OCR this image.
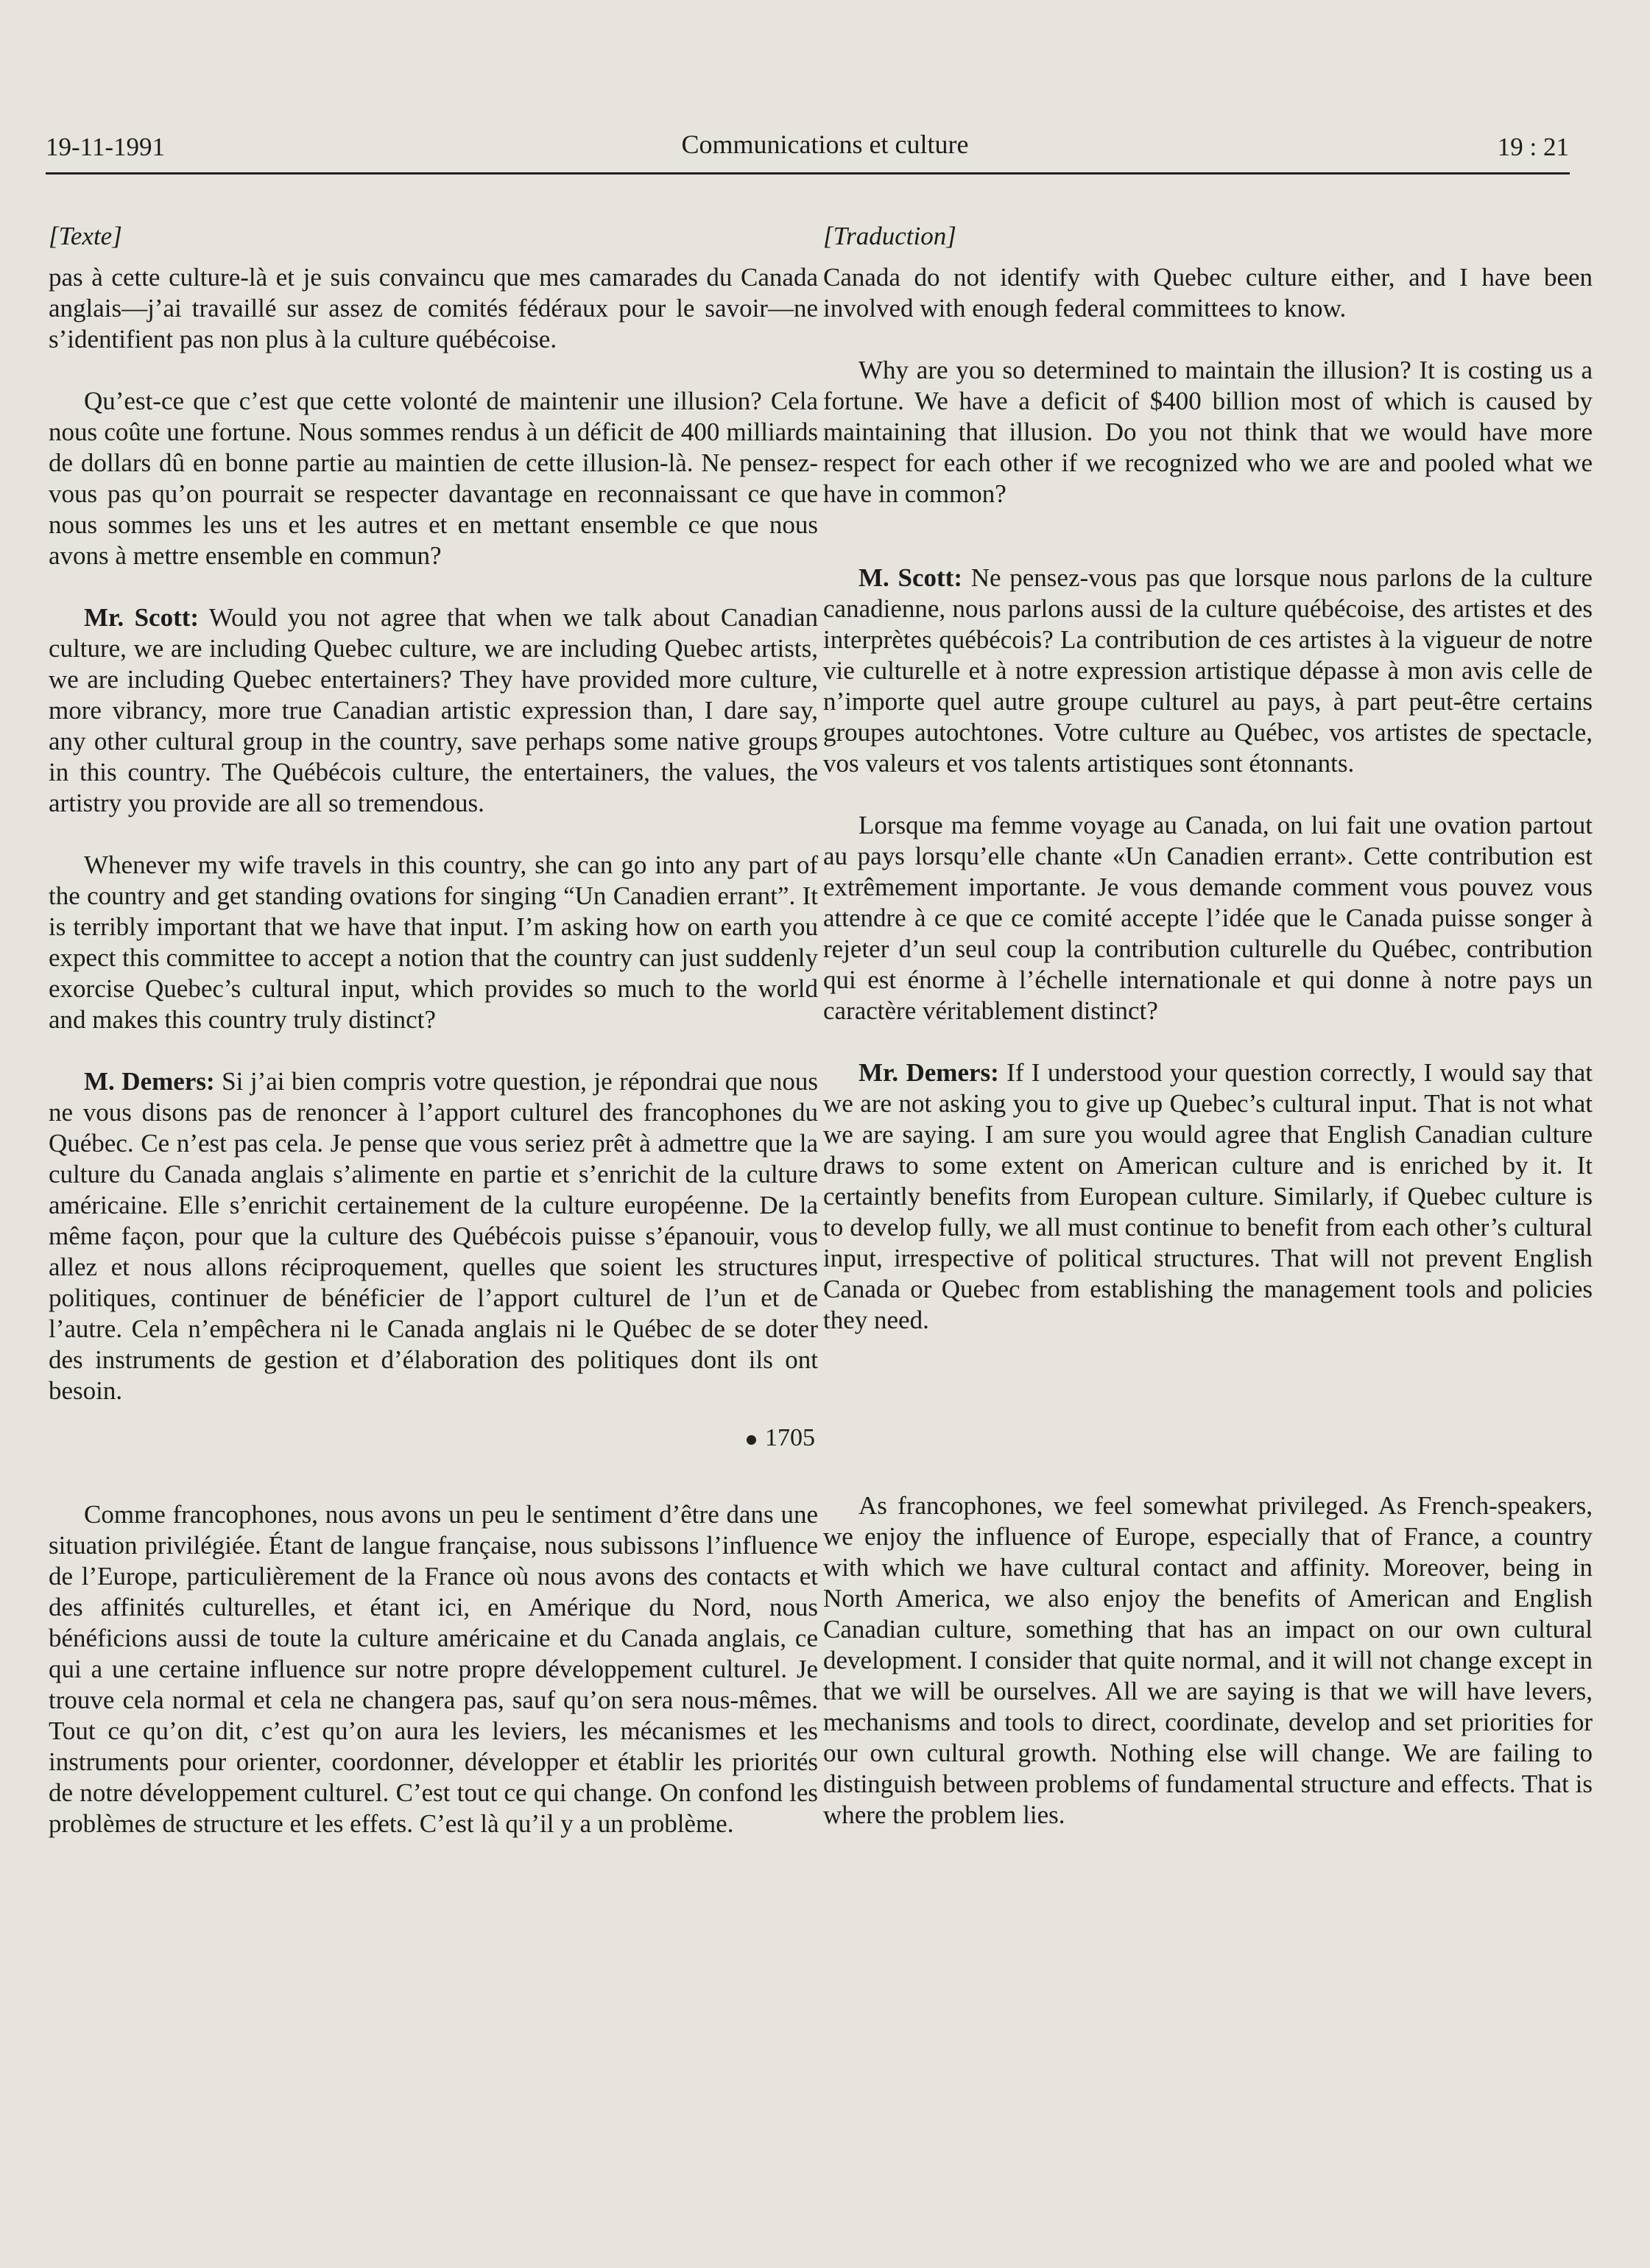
19-11-1991	Communications et culture	19 : 21
[Texte]

pas à cette culture-là et je suis convaincu que mes camarades du Canada anglais—j’ai travaillé sur assez de comités fédéraux pour le savoir—ne s’identifient pas non plus à la culture québécoise.

Qu’est-ce que c’est que cette volonté de maintenir une illusion? Cela nous coûte une fortune. Nous sommes rendus à un déficit de 400 milliards de dollars dû en bonne partie au maintien de cette illusion-là. Ne pensez-vous pas qu’on pourrait se respecter davantage en reconnaissant ce que nous sommes les uns et les autres et en mettant ensemble ce que nous avons à mettre ensemble en commun?

Mr. Scott: Would you not agree that when we talk about Canadian culture, we are including Quebec culture, we are including Quebec artists, we are including Quebec entertainers? They have provided more culture, more vibrancy, more true Canadian artistic expression than, I dare say, any other cultural group in the country, save perhaps some native groups in this country. The Québécois culture, the entertainers, the values, the artistry you provide are all so tremendous.

Whenever my wife travels in this country, she can go into any part of the country and get standing ovations for singing “Un Canadien errant”. It is terribly important that we have that input. I’m asking how on earth you expect this committee to accept a notion that the country can just suddenly exorcise Quebec’s cultural input, which provides so much to the world and makes this country truly distinct?

M. Demers: Si j’ai bien compris votre question, je répondrai que nous ne vous disons pas de renoncer à l’apport culturel des francophones du Québec. Ce n’est pas cela. Je pense que vous seriez prêt à admettre que la culture du Canada anglais s’alimente en partie et s’enrichit de la culture américaine. Elle s’enrichit certainement de la culture européenne. De la même façon, pour que la culture des Québécois puisse s’épanouir, vous allez et nous allons réciproquement, quelles que soient les structures politiques, continuer de bénéficier de l’apport culturel de l’un et de l’autre. Cela n’empêchera ni le Canada anglais ni le Québec de se doter des instruments de gestion et d’élaboration des politiques dont ils ont besoin.

1705

Comme francophones, nous avons un peu le sentiment d’être dans une situation privilégiée. Étant de langue française, nous subissons l’influence de l’Europe, particulièrement de la France où nous avons des contacts et des affinités culturelles, et étant ici, en Amérique du Nord, nous bénéficions aussi de toute la culture américaine et du Canada anglais, ce qui a une certaine influence sur notre propre développement culturel. Je trouve cela normal et cela ne changera pas, sauf qu’on sera nous-mêmes. Tout ce qu’on dit, c’est qu’on aura les leviers, les mécanismes et les instruments pour orienter, coordonner, développer et établir les priorités de notre développement culturel. C’est tout ce qui change. On confond les problèmes de structure et les effets. C’est là qu’il y a un problème.

[Traduction]

Canada do not identify with Quebec culture either, and I have been involved with enough federal committees to know.

Why are you so determined to maintain the illusion? It is costing us a fortune. We have a deficit of $400 billion most of which is caused by maintaining that illusion. Do you not think that we would have more respect for each other if we recognized who we are and pooled what we have in common?

M. Scott: Ne pensez-vous pas que lorsque nous parlons de la culture canadienne, nous parlons aussi de la culture québécoise, des artistes et des interprètes québécois? La contribution de ces artistes à la vigueur de notre vie culturelle et à notre expression artistique dépasse à mon avis celle de n’importe quel autre groupe culturel au pays, à part peut-être certains groupes autochtones. Votre culture au Québec, vos artistes de spectacle, vos valeurs et vos talents artistiques sont étonnants.

Lorsque ma femme voyage au Canada, on lui fait une ovation partout au pays lorsqu’elle chante «Un Canadien errant». Cette contribution est extrêmement importante. Je vous demande comment vous pouvez vous attendre à ce que ce comité accepte l’idée que le Canada puisse songer à rejeter d’un seul coup la contribution culturelle du Québec, contribution qui est énorme à l’échelle internationale et qui donne à notre pays un caractère véritablement distinct?

Mr. Demers: If I understood your question correctly, I would say that we are not asking you to give up Quebec’s cultural input. That is not what we are saying. I am sure you would agree that English Canadian culture draws to some extent on American culture and is enriched by it. It certaintly benefits from European culture. Similarly, if Quebec culture is to develop fully, we all must continue to benefit from each other’s cultural input, irrespective of political structures. That will not prevent English Canada or Quebec from establishing the management tools and policies they need.

As francophones, we feel somewhat privileged. As French-speakers, we enjoy the influence of Europe, especially that of France, a country with which we have cultural contact and affinity. Moreover, being in North America, we also enjoy the benefits of American and English Canadian culture, something that has an impact on our own cultural development. I consider that quite normal, and it will not change except in that we will be ourselves. All we are saying is that we will have levers, mechanisms and tools to direct, coordinate, develop and set priorities for our own cultural growth. Nothing else will change. We are failing to distinguish between problems of fundamental structure and effects. That is where the problem lies.
